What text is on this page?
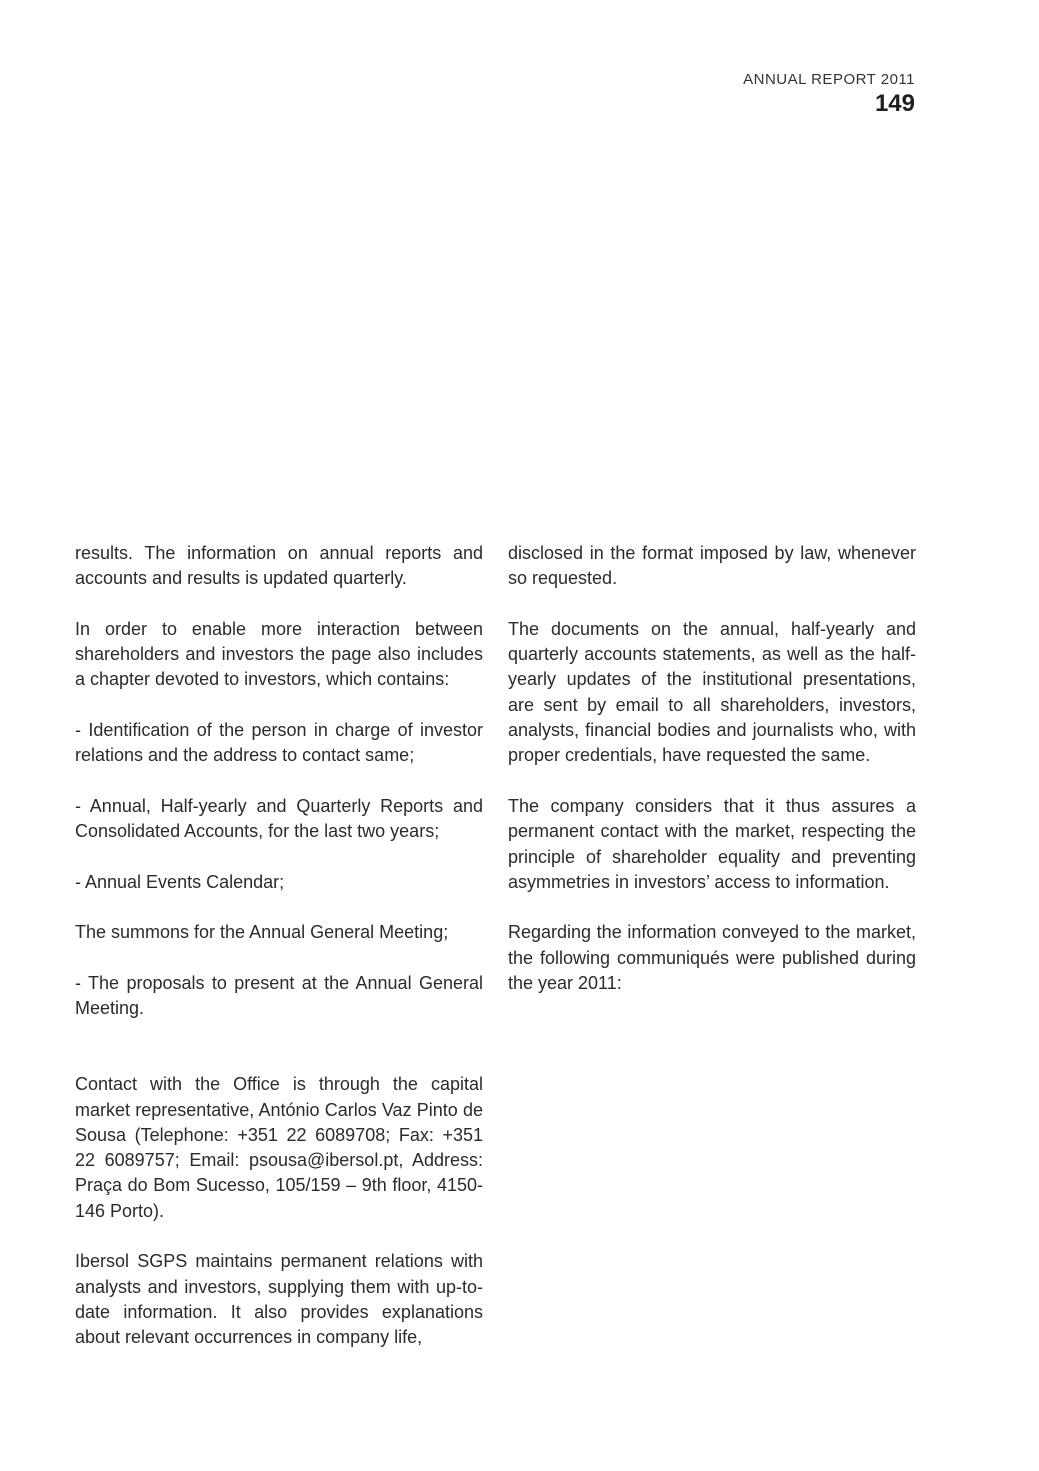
ANNUAL REPORT 2011
149

results. The information on annual reports and accounts and results is updated quarterly.

In order to enable more interaction between shareholders and investors the page also includes a chapter devoted to investors, which contains:

- Identification of the person in charge of investor relations and the address to contact same;

- Annual, Half-yearly and Quarterly Reports and Consolidated Accounts, for the last two years;

- Annual Events Calendar;

The summons for the Annual General Meeting;

- The proposals to present at the Annual General Meeting.

Contact with the Office is through the capital market representative, António Carlos Vaz Pinto de Sousa (Telephone: +351 22 6089708; Fax: +351 22 6089757; Email: psousa@ibersol.pt, Address: Praça do Bom Sucesso, 105/159 – 9th floor, 4150-146 Porto).

Ibersol SGPS maintains permanent relations with analysts and investors, supplying them with up-to-date information. It also provides explanations about relevant occurrences in company life,

disclosed in the format imposed by law, whenever so requested.

The documents on the annual, half-yearly and quarterly accounts statements, as well as the half-yearly updates of the institutional presentations, are sent by email to all shareholders, investors, analysts, financial bodies and journalists who, with proper credentials, have requested the same.

The company considers that it thus assures a permanent contact with the market, respecting the principle of shareholder equality and preventing asymmetries in investors’ access to information.

Regarding the information conveyed to the market, the following communiqués were published during the year 2011:
